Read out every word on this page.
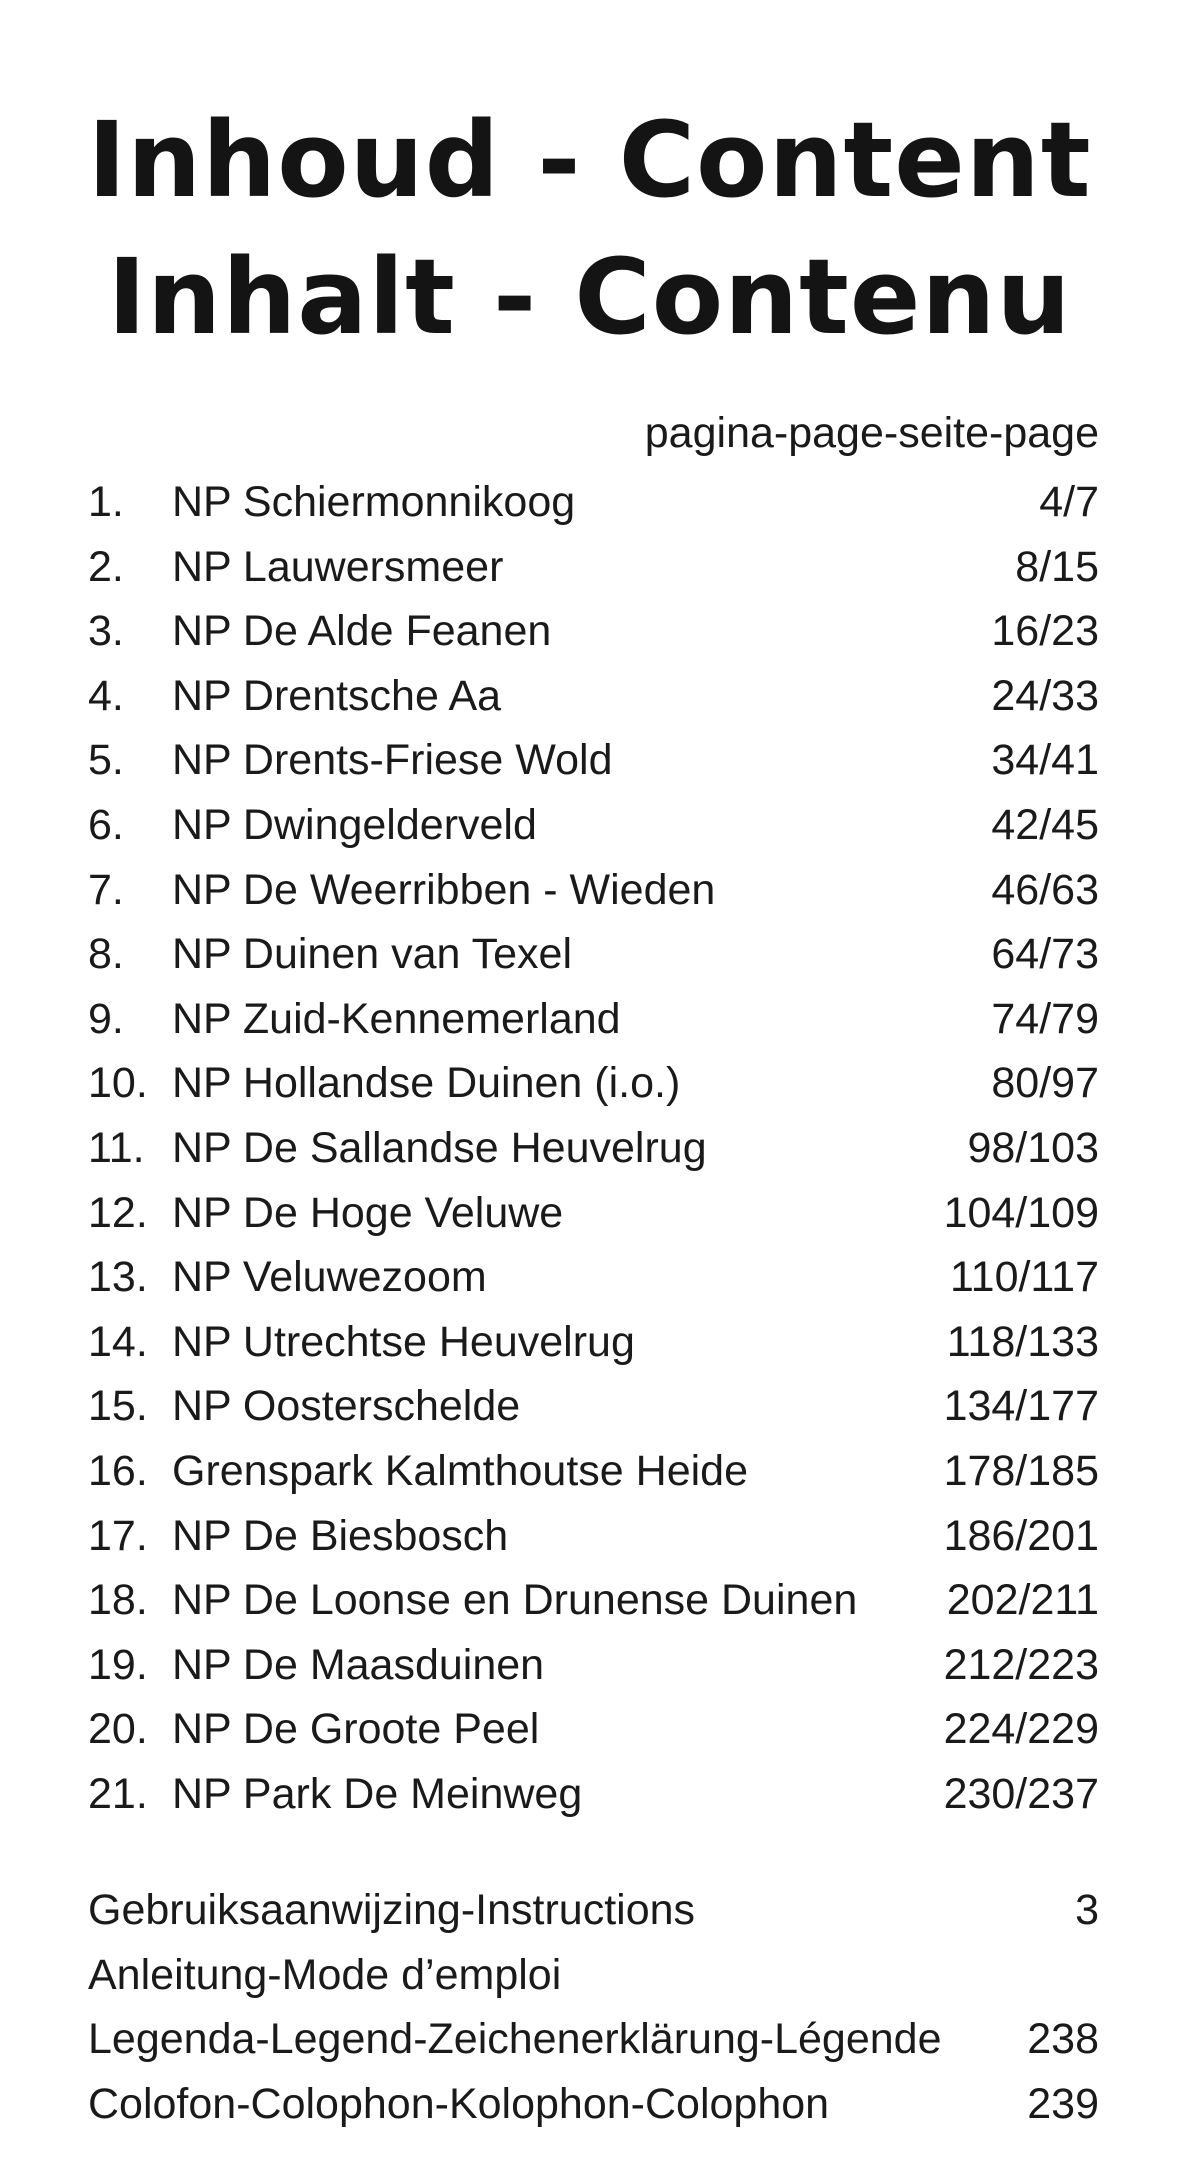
Inhoud - Content
Inhalt - Contenu
pagina-page-seite-page
1. NP Schiermonnikoog	4/7
2. NP Lauwersmeer	8/15
3. NP De Alde Feanen	16/23
4. NP Drentsche Aa	24/33
5. NP Drents-Friese Wold	34/41
6. NP Dwingelderveld	42/45
7. NP De Weerribben - Wieden	46/63
8. NP Duinen van Texel	64/73
9. NP Zuid-Kennemerland	74/79
10. NP Hollandse Duinen (i.o.)	80/97
11. NP De Sallandse Heuvelrug	98/103
12. NP De Hoge Veluwe	104/109
13. NP Veluwezoom	110/117
14. NP Utrechtse Heuvelrug	118/133
15. NP Oosterschelde	134/177
16. Grenspark Kalmthoutse Heide	178/185
17. NP De Biesbosch	186/201
18. NP De Loonse en Drunense Duinen 202/211
19. NP De Maasduinen	212/223
20. NP De Groote Peel	224/229
21. NP Park De Meinweg	230/237
Gebruiksaanwijzing-Instructions	3
Anleitung-Mode d’emploi
Legenda-Legend-Zeichenerklärung-Légende 238
Colofon-Colophon-Kolophon-Colophon	239
